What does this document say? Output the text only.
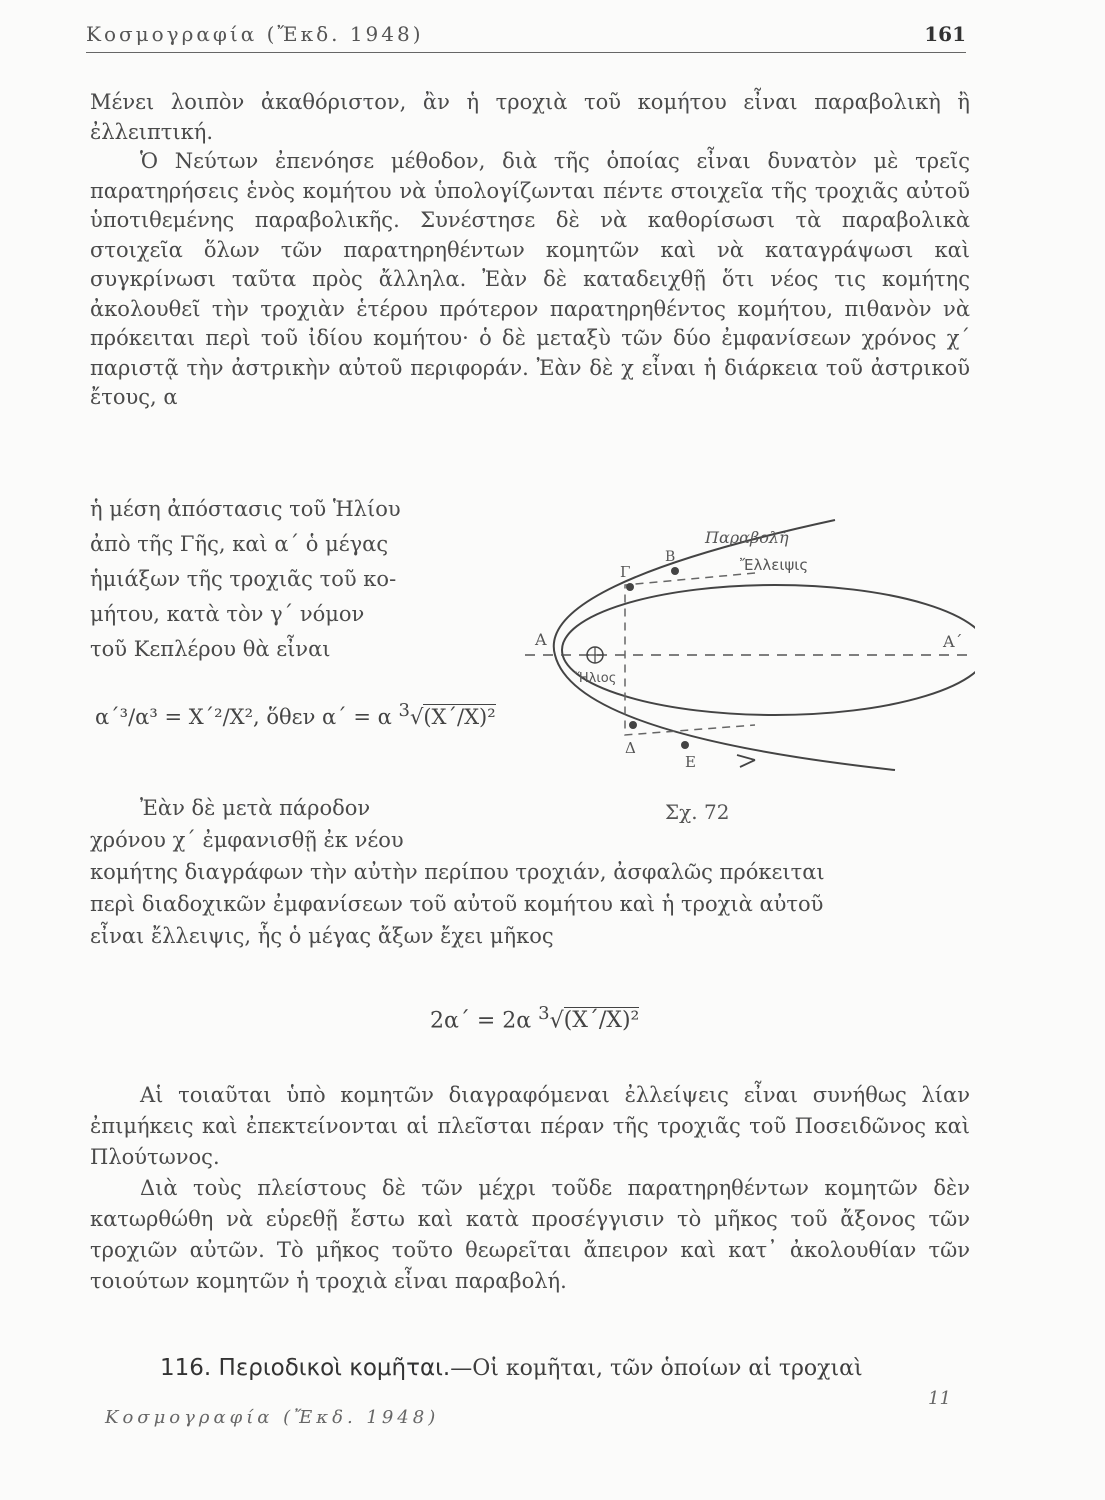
Κοσμογραφία (Ἔκδ. 1948)	161

Μένει λοιπὸν ἀκαθόριστον, ἂν ἡ τροχιὰ τοῦ κομήτου εἶναι παραβολικὴ ἢ ἐλλειπτική.

Ὁ Νεύτων ἐπενόησε μέθοδον, διὰ τῆς ὁποίας εἶναι δυνατὸν μὲ τρεῖς παρατηρήσεις ἑνὸς κομήτου νὰ ὑπολογίζωνται πέντε στοιχεῖα τῆς τροχιᾶς αὐτοῦ ὑποτιθεμένης παραβολικῆς. Συνέστησε δὲ νὰ καθορίσωσι τὰ παραβολικὰ στοιχεῖα ὅλων τῶν παρατηρηθέντων κομητῶν καὶ νὰ καταγράψωσι καὶ συγκρίνωσι ταῦτα πρὸς ἄλληλα. Ἐὰν δὲ καταδειχθῇ ὅτι νέος τις κομήτης ἀκολουθεῖ τὴν τροχιὰν ἑτέρου πρότερον παρατηρηθέντος κομήτου, πιθανὸν νὰ πρόκειται περὶ τοῦ ἰδίου κομήτου· ὁ δὲ μεταξὺ τῶν δύο ἐμφανίσεων χρόνος χ΄ παριστᾷ τὴν ἀστρικὴν αὐτοῦ περιφοράν. Ἐὰν δὲ χ εἶναι ἡ διάρκεια τοῦ ἀστρικοῦ ἔτους, α

ἡ μέση ἀπόστασις τοῦ Ἡλίου

ἀπὸ τῆς Γῆς, καὶ α΄ ὁ μέγας

ἡμιάξων τῆς τροχιᾶς τοῦ κο-

μήτου, κατὰ τὸν γ΄ νόμον

τοῦ Κεπλέρου θὰ εἶναι

α΄³/α³ = Χ΄²/Χ², ὅθεν α΄ = α $^3$√(Χ΄/Χ)²
Παραβολή
Ἔλλειψις
Ἥλιος
Α	Α΄
Γ
Β
Δ
Ε
Σχ. 72

Ἐὰν δὲ μετὰ πάροδον

χρόνου χ΄ ἐμφανισθῇ ἐκ νέου

κομήτης διαγράφων τὴν αὐτὴν περίπου τροχιάν, ἀσφαλῶς πρόκειται

περὶ διαδοχικῶν ἐμφανίσεων τοῦ αὐτοῦ κομήτου καὶ ἡ τροχιὰ αὐτοῦ

εἶναι ἔλλειψις, ἧς ὁ μέγας ἄξων ἔχει μῆκος

2α΄ = 2α $^3$√(Χ΄/Χ)²

Αἱ τοιαῦται ὑπὸ κομητῶν διαγραφόμεναι ἐλλείψεις εἶναι συνήθως λίαν ἐπιμήκεις καὶ ἐπεκτείνονται αἱ πλεῖσται πέραν τῆς τροχιᾶς τοῦ Ποσειδῶνος καὶ Πλούτωνος.

Διὰ τοὺς πλείστους δὲ τῶν μέχρι τοῦδε παρατηρηθέντων κομητῶν δὲν κατωρθώθη νὰ εὑρεθῇ ἔστω καὶ κατὰ προσέγγισιν τὸ μῆκος τοῦ ἄξονος τῶν τροχιῶν αὐτῶν. Τὸ μῆκος τοῦτο θεωρεῖται ἄπειρον καὶ κατ᾽ ἀκολουθίαν τῶν τοιούτων κομητῶν ἡ τροχιὰ εἶναι παραβολή.

116. Περιοδικοὶ κομῆται.—Οἱ κομῆται, τῶν ὁποίων αἱ τροχιαὶ
11
Κοσμογραφία (Ἔκδ. 1948)
